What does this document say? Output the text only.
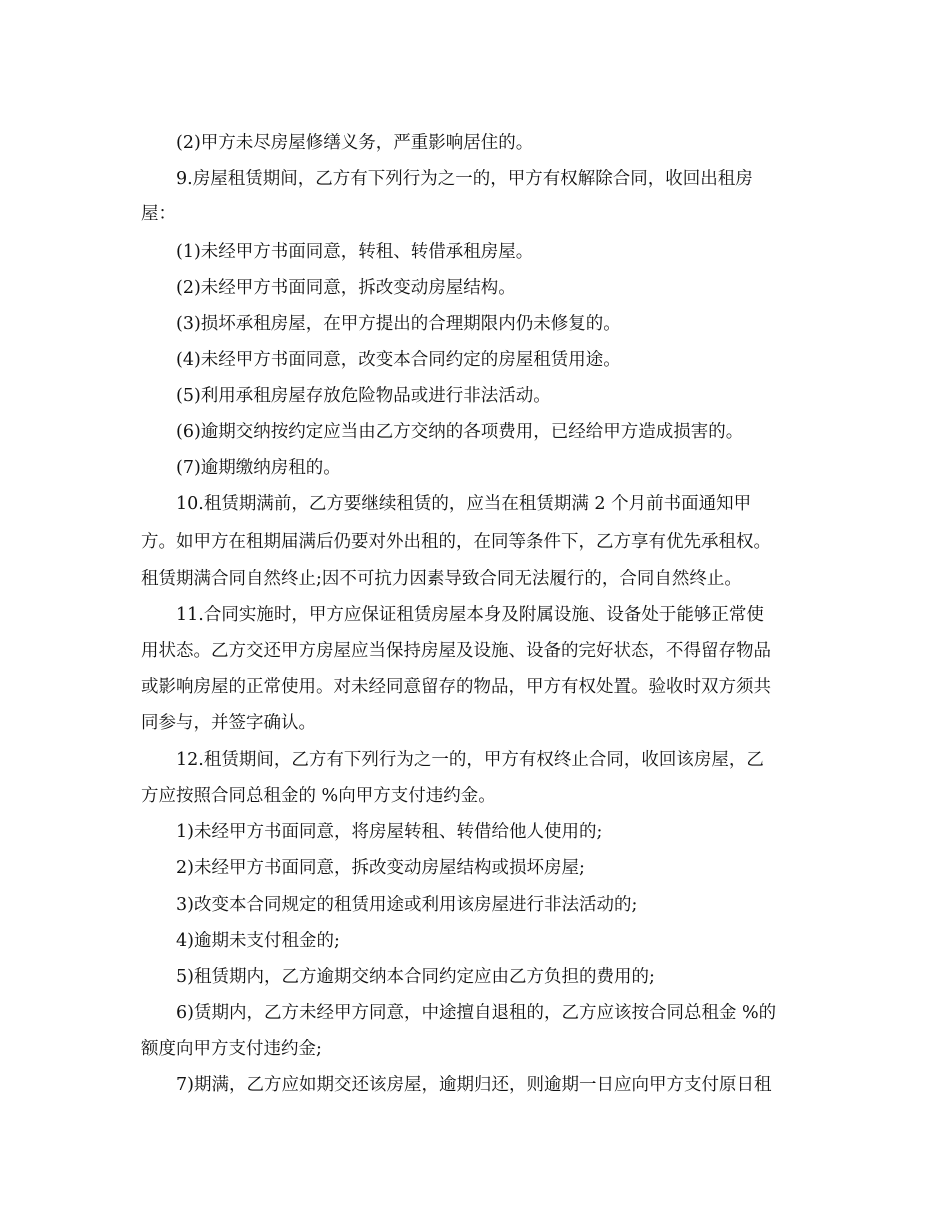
(2)甲方未尽房屋修缮义务，严重影响居住的。
9.房屋租赁期间，乙方有下列行为之一的，甲方有权解除合同，收回出租房
屋：
(1)未经甲方书面同意，转租、转借承租房屋。
(2)未经甲方书面同意，拆改变动房屋结构。
(3)损坏承租房屋，在甲方提出的合理期限内仍未修复的。
(4)未经甲方书面同意，改变本合同约定的房屋租赁用途。
(5)利用承租房屋存放危险物品或进行非法活动。
(6)逾期交纳按约定应当由乙方交纳的各项费用，已经给甲方造成损害的。
(7)逾期缴纳房租的。
10.租赁期满前，乙方要继续租赁的，应当在租赁期满 2 个月前书面通知甲
方。如甲方在租期届满后仍要对外出租的，在同等条件下，乙方享有优先承租权。
租赁期满合同自然终止;因不可抗力因素导致合同无法履行的，合同自然终止。
11.合同实施时，甲方应保证租赁房屋本身及附属设施、设备处于能够正常使
用状态。乙方交还甲方房屋应当保持房屋及设施、设备的完好状态，不得留存物品
或影响房屋的正常使用。对未经同意留存的物品，甲方有权处置。验收时双方须共
同参与，并签字确认。
12.租赁期间，乙方有下列行为之一的，甲方有权终止合同，收回该房屋，乙
方应按照合同总租金的 %向甲方支付违约金。
1)未经甲方书面同意，将房屋转租、转借给他人使用的;
2)未经甲方书面同意，拆改变动房屋结构或损坏房屋;
3)改变本合同规定的租赁用途或利用该房屋进行非法活动的;
4)逾期未支付租金的;
5)租赁期内，乙方逾期交纳本合同约定应由乙方负担的费用的;
6)赁期内，乙方未经甲方同意，中途擅自退租的，乙方应该按合同总租金 %的
额度向甲方支付违约金;
7)期满，乙方应如期交还该房屋，逾期归还，则逾期一日应向甲方支付原日租
